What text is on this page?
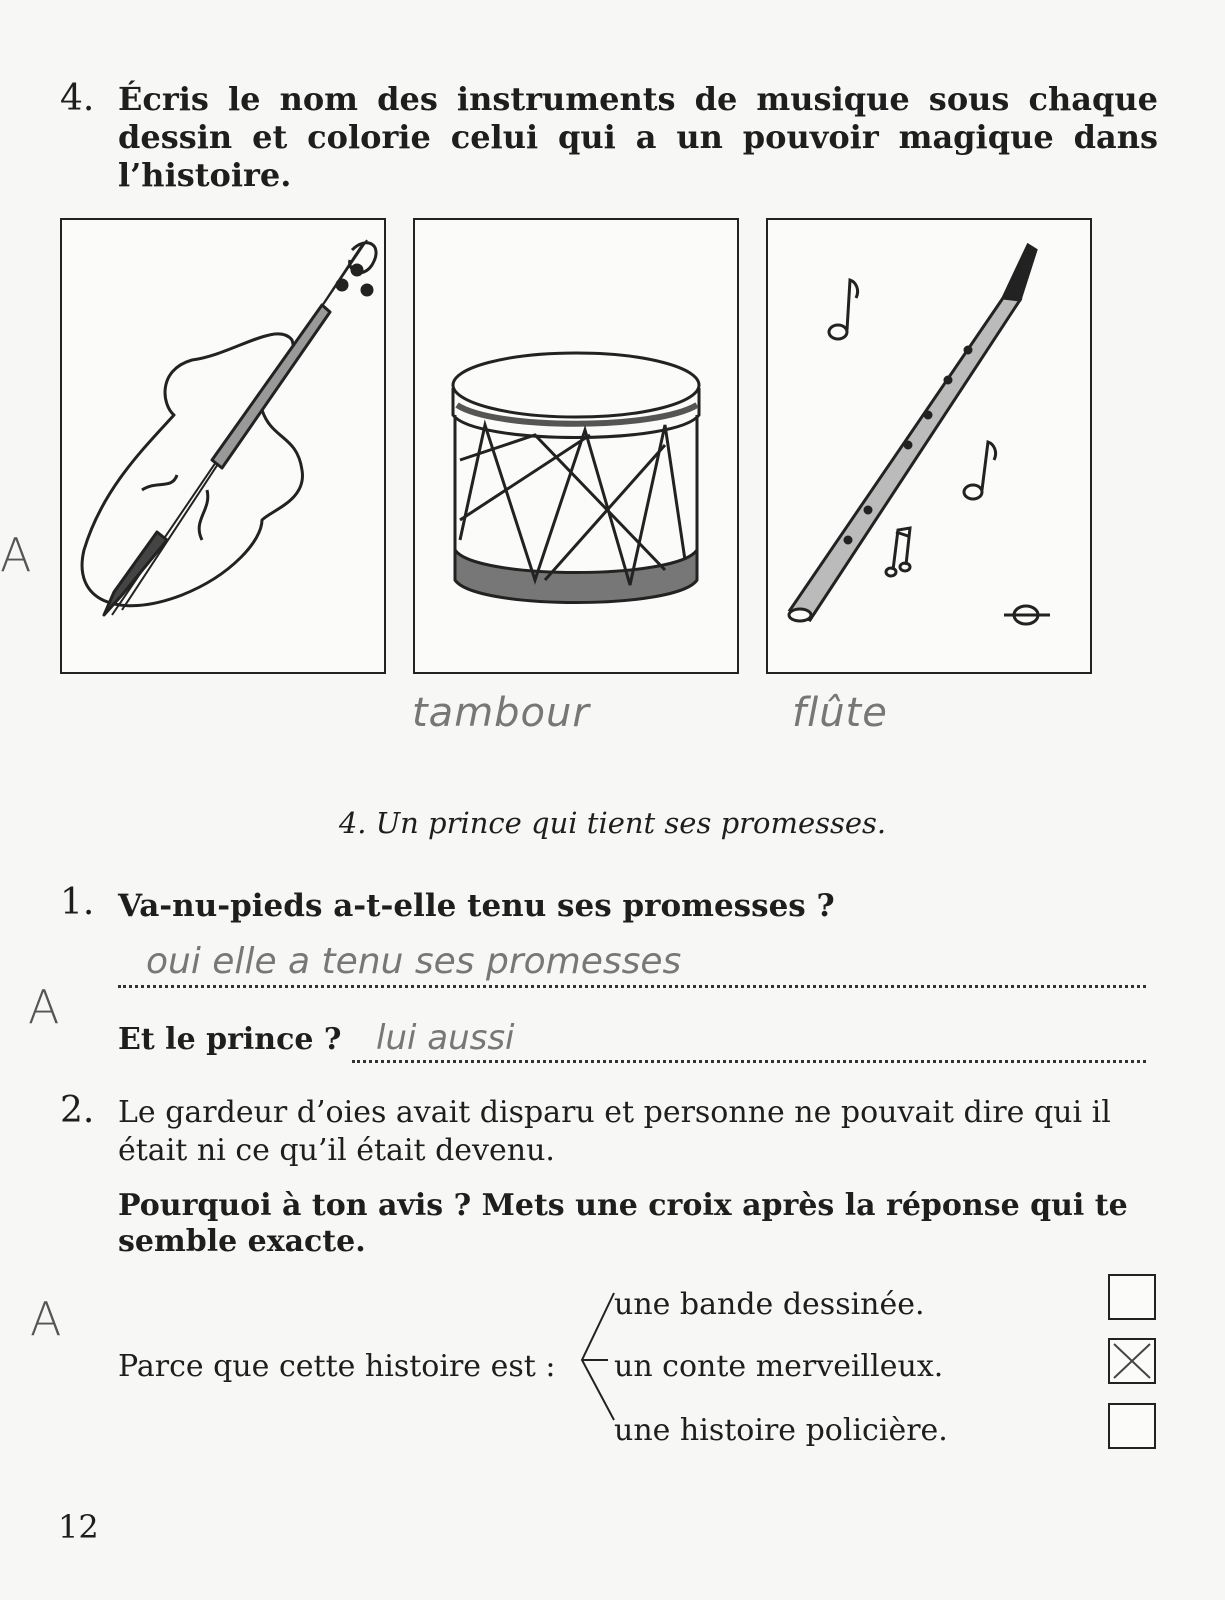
4. Écris le nom des instruments de musique sous chaque dessin et colorie celui qui a un pouvoir magique dans l’histoire.
tambour	flûte
4. Un prince qui tient ses promesses.
1. Va-nu-pieds a-t-elle tenu ses promesses ?
oui elle a tenu ses promesses
Et le prince ? lui aussi
2. Le gardeur d’oies avait disparu et personne ne pouvait dire qui il était ni ce qu’il était devenu.
Pourquoi à ton avis ? Mets une croix après la réponse qui te semble exacte.
Parce que cette histoire est :
une bande dessinée.
un conte merveilleux.
une histoire policière.
A
A
A
12
